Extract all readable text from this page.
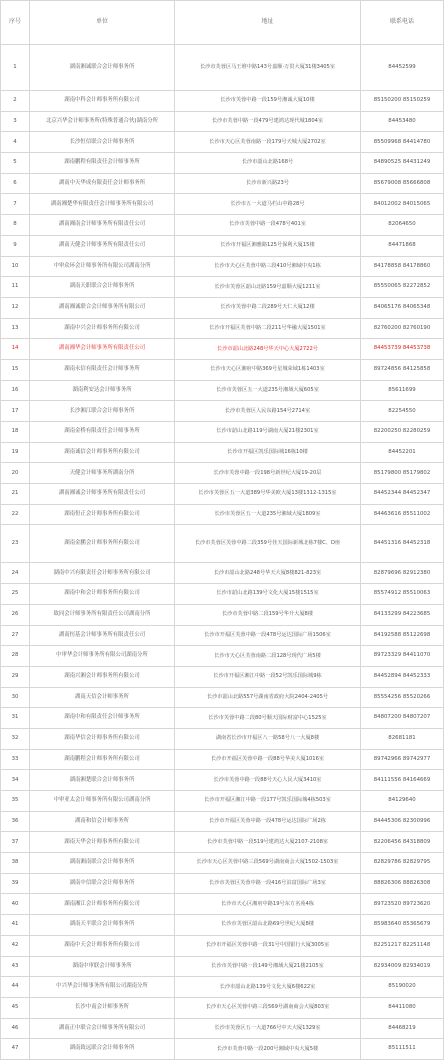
序号	单位	地址	联系电话
1	湖南湘诚联合会计师事务所	长沙市芙蓉区马王堆中路143号嘉顺·万贯大厦31楼3405室	84452599
2	湖南中科会计师事务所有限公司	长沙市芙蓉中路一段159号湘诚大厦10楼	85150200 85150259
3	北京兴华会计师事务所(特殊普通合伙)湖南分所	长沙市芙蓉中路一段479号建鸿达现代城1804室	84453480
4	长沙恒信联合会计师事务所	长沙市天心区芙蓉南路一段179号天城大厦2702室	85509968 84414780
5	湖南鹏程有限责任会计师事务所	长沙市韶山北路168号	84890525 84431249
6	湖南中天华成有限责任会计师事务所	长沙市新兴路23号	85679008 85666808
7	湖南湘楚华有限责任会计师事务所有限公司	长沙市五一大道马栏山中路28号	84012002 84015065
8	湖南湘南会计师事务所有限责任公司	长沙市芙蓉中路一段478号401室	82064650
9	湖南天健会计师事务所有限责任公司	长沙市开福区湘雅路125号保利大厦15楼	84471868
10	中审众环会计师事务所有限公司湖南分所	长沙市天心区芙蓉中路三段410号湘域中央1栋	84178858 84178860
11	湖南天职联合会计师事务所	长沙市芙蓉区韶山北路159号嘉顺大厦1211室	85550065 82272852
12	湖南湘诚联合会计师事务所有限公司	长沙市芙蓉中路二段289号天仁大厦12楼	84065176 84065348
13	湖南中兴会计师事务所有限公司	长沙市开福区芙蓉中路二段211号华融大厦1501室	82760200 82760190
14	湖南湘华会计师事务所有限责任公司	长沙市韶山北路248号华天中心大厦2722号	84453739 84453738
15	湖南永信有限责任会计师事务所	长沙市天心区湘府中路369号星城荣域1栋1403室	89724856 84125858
16	湖南利安达会计师事务所	长沙市芙蓉区五一大道235号湘域大厦605室	85611699
17	长沙湘江联合会计师事务所	长沙市芙蓉区人民东路154号2714室	82254550
18	湖南金桥有限责任会计师事务所	长沙市韶山北路119号湖南大厦21楼2301室	82200250 82280259
19	湖南诚信会计师事务所有限公司	长沙市开福区凯乐国际城16栋10楼	84452201
20	天健会计师事务所湖南分所	长沙市芙蓉中路一段198号新世纪大厦19-20层	85179800 85179802
21	湖南湘诚会计师事务所有限责任公司	长沙市芙蓉区五一大道389号华美欧大厦13楼1312-1315室	84452344 84452347
22	湖南恒正会计师事务所有限公司	长沙市芙蓉区五一大道235号湘域大厦1809室	84463616 85511002
23	湖南金鹏会计师事务所有限公司	长沙市芙蓉区芙蓉中路二段359号佳天国际新城北栋7楼C、D座	84451316 84452318
24	湖南中兴有限责任会计师事务所有限公司	长沙市韶山北路248号华天大厦8楼821-823室	82879696 82912380
25	湖南中和会计师事务所有限公司	长沙市韶山北路139号文化大厦15楼1515室	85574912 85510063
26	致同会计师事务所有限责任公司湖南分所	长沙市芙蓉中路二段159号华升大厦8楼	84133299 84223685
27	湖南恒基会计师事务所有限责任公司	长沙市开福区芙蓉中路一段478号运达国际广场1506室	84192588 85122698
28	中审华会计师事务所有限公司湖南分所	长沙市天心区芙蓉南路二段128号现代广场5楼	89723329 84411070
29	湖南兴湘会计师事务所有限公司	长沙市开福区湘江中路一段52号凯乐国际城9栋	84452894 84452333
30	湖南天信会计师事务所	长沙市韶山北路557号湖南省政府大院2404-2405号	85554256 85520266
31	湖南中和有限责任会计师事务所	长沙市芙蓉中路二段80号顺天国际财富中心1525室	84807200 84807207
32	湖南华信会计师事务所有限公司	湖南省长沙市开福区八一路58号八一大厦8楼	82681181
33	湖南鹏程会计师事务所有限公司	长沙市开福区芙蓉中路一段88号华美大厦1016室	89742966 89742977
34	湖南湘楚联合会计师事务所	长沙市芙蓉中路一段88号天心人民大厦3410室	84111556 84164669
35	中审亚太会计师事务所有限公司湖南分所	长沙市开福区湘江中路一段177号凯乐国际城4栋503室	84129640
36	湖南和信会计师事务所	长沙市开福区芙蓉中路一段478号运达国际广场2栋	84445306 82300996
37	湖南天华会计师事务所有限公司	长沙市芙蓉中路一段519号建鸿达大厦2107-2108室	82206456 84318809
38	湖南湘南联合会计师事务所	长沙市天心区芙蓉中路三段569号湖南商会大厦1502-1503室	82829786 82829795
39	湖南中信联合会计师事务所	长沙市芙蓉区芙蓉中路一段416号泊富国际广场3室	88826306 88826308
40	湖南湘江会计师事务所有限公司	长沙市天心区湘府中路19号东方名苑4栋	89723520 89723620
41	湖南天平联合会计师事务所	长沙市芙蓉区韶山北路69号世纪大厦8楼	85983640 85365679
42	湖南中天会计师事务所有限公司	长沙市开福区芙蓉中路一段31号中国银行大厦3005室	82251217 82251148
43	湖南中审联会计师事务所	长沙市芙蓉中路一段149号湘域大厦21楼2105室	82934009 82934019
44	中兴华会计师事务所有限公司湖南分所	长沙市韶山北路139号文化大厦6楼622室	85190020
45	长沙中南会计师事务所	长沙市天心区芙蓉中路三段569号湖南商会大厦803室	84411080
46	湖南正中联合会计师事务所有限公司	长沙市芙蓉区五一大道766号中天大厦1329室	84468219
47	湖南致远联合会计师事务所	长沙市芙蓉中路一段200号湘域中央大厦5楼	85111511
